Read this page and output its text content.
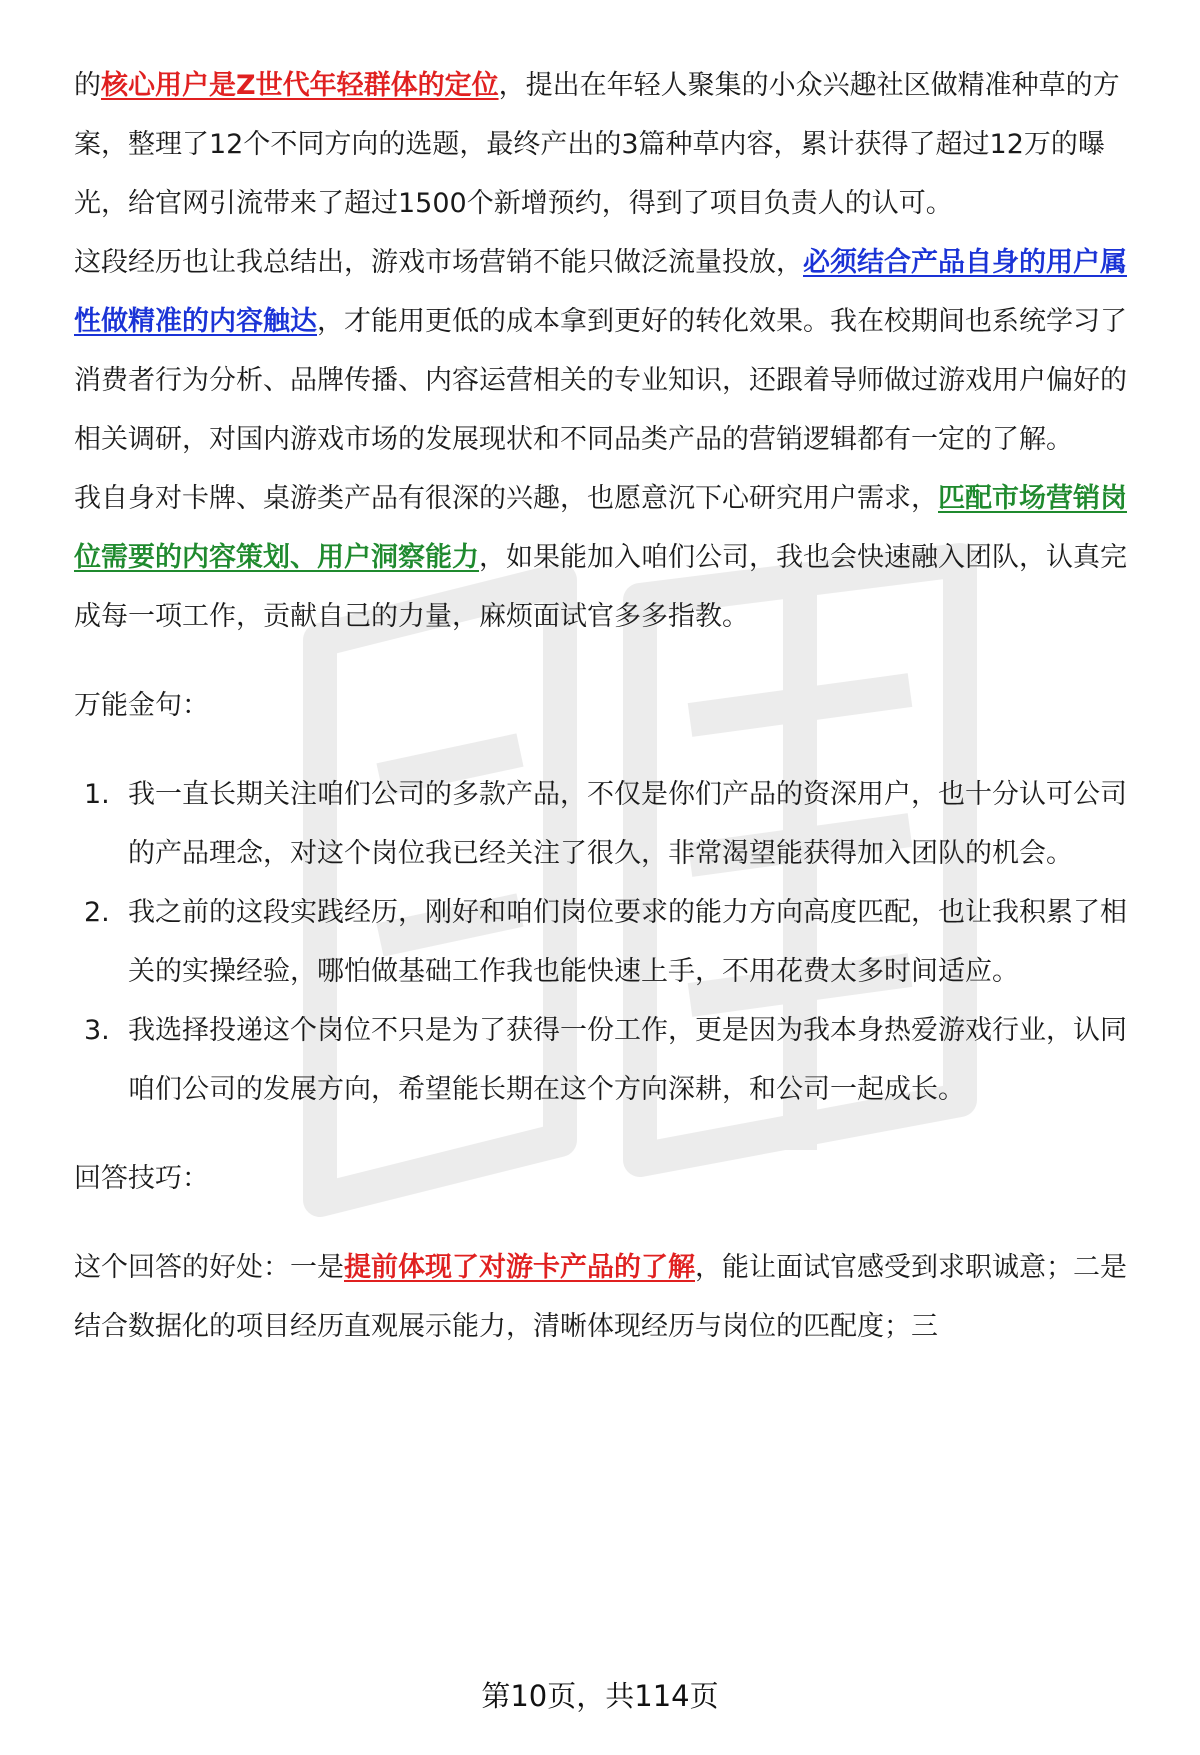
的核心用户是Z世代年轻群体的定位，提出在年轻人聚集的小众兴趣社区做精准种草的方案，整理了12个不同方向的选题，最终产出的3篇种草内容，累计获得了超过12万的曝光，给官网引流带来了超过1500个新增预约，得到了项目负责人的认可。

这段经历也让我总结出，游戏市场营销不能只做泛流量投放，必须结合产品自身的用户属性做精准的内容触达，才能用更低的成本拿到更好的转化效果。我在校期间也系统学习了消费者行为分析、品牌传播、内容运营相关的专业知识，还跟着导师做过游戏用户偏好的相关调研，对国内游戏市场的发展现状和不同品类产品的营销逻辑都有一定的了解。

我自身对卡牌、桌游类产品有很深的兴趣，也愿意沉下心研究用户需求，匹配市场营销岗位需要的内容策划、用户洞察能力，如果能加入咱们公司，我也会快速融入团队，认真完成每一项工作，贡献自己的力量，麻烦面试官多多指教。

万能金句：

1. 我一直长期关注咱们公司的多款产品，不仅是你们产品的资深用户，也十分认可公司的产品理念，对这个岗位我已经关注了很久，非常渴望能获得加入团队的机会。
2. 我之前的这段实践经历，刚好和咱们岗位要求的能力方向高度匹配，也让我积累了相关的实操经验，哪怕做基础工作我也能快速上手，不用花费太多时间适应。
3. 我选择投递这个岗位不只是为了获得一份工作，更是因为我本身热爱游戏行业，认同咱们公司的发展方向，希望能长期在这个方向深耕，和公司一起成长。

回答技巧：

这个回答的好处：一是提前体现了对游卡产品的了解，能让面试官感受到求职诚意；二是结合数据化的项目经历直观展示能力，清晰体现经历与岗位的匹配度；三

第10页，共114页
